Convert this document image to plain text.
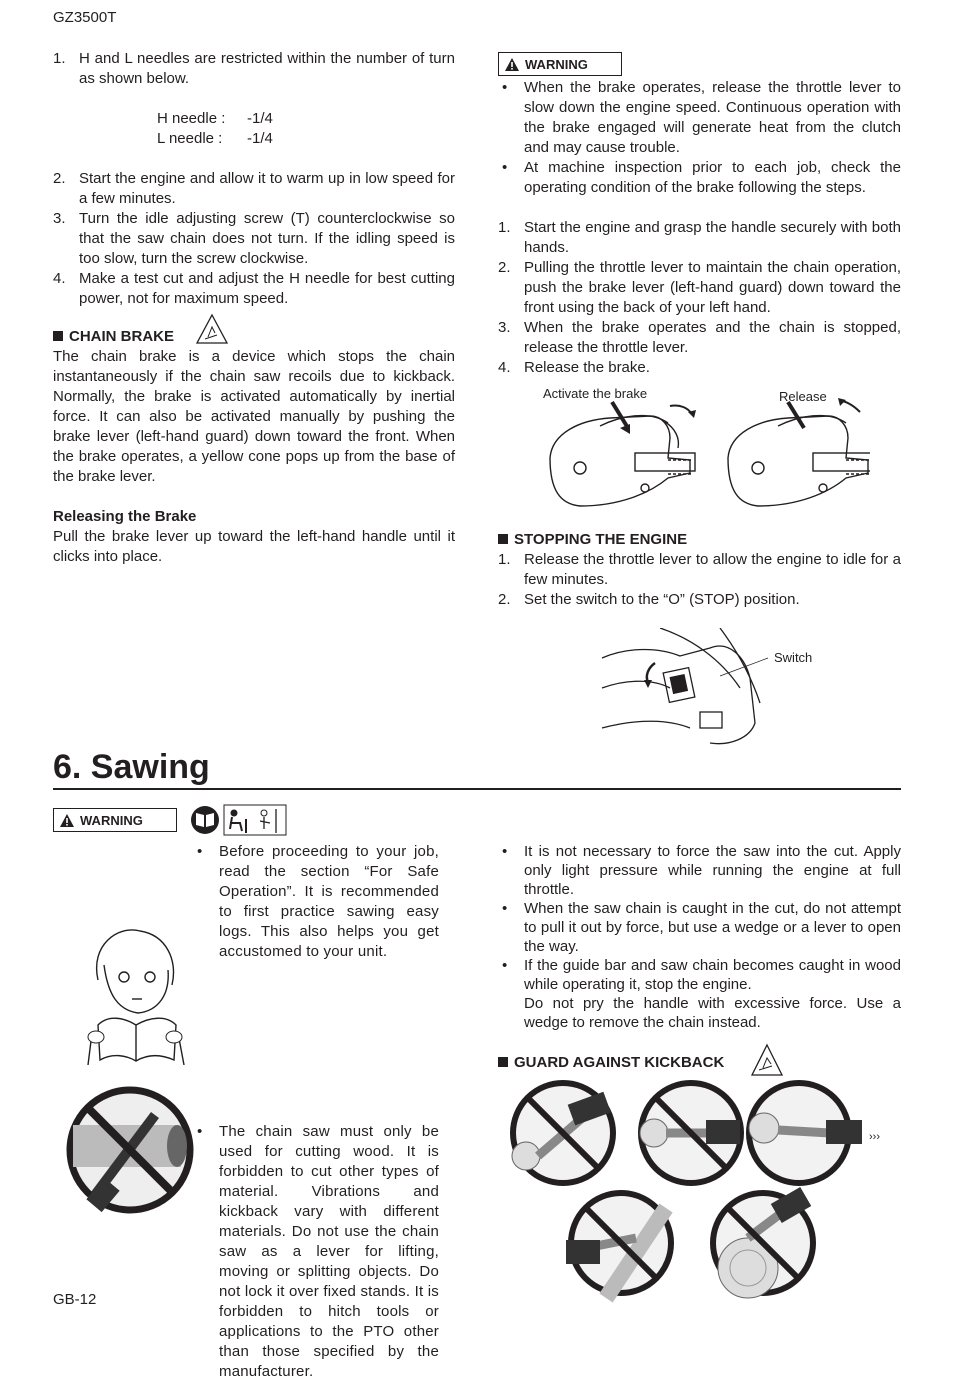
GZ3500T
1. H and L needles are restricted within the number of turn as shown below.
H needle : -1/4
L needle : -1/4
2. Start the engine and allow it to warm up in low speed for a few minutes.
3. Turn the idle adjusting screw (T) counterclockwise so that the saw chain does not turn. If the idling speed is too slow, turn the screw clockwise.
4. Make a test cut and adjust the H needle for best cutting power, not for maximum speed.
CHAIN BRAKE
The chain brake is a device which stops the chain instantaneously if the chain saw recoils due to kickback. Normally, the brake is activated automatically by inertial force. It can also be activated manually by pushing the brake lever (left-hand guard) down toward the front. When the brake operates, a yellow cone pops up from the base of the brake lever.
Releasing the Brake
Pull the brake lever up toward the left-hand handle until it clicks into place.
WARNING
• When the brake operates, release the throttle lever to slow down the engine speed. Continuous operation with the brake engaged will generate heat from the clutch and may cause trouble.
• At machine inspection prior to each job, check the operating condition of the brake following the steps.
1. Start the engine and grasp the handle securely with both hands.
2. Pulling the throttle lever to maintain the chain operation, push the brake lever (left-hand guard) down toward the front using the back of your left hand.
3. When the brake operates and the chain is stopped, release the throttle lever.
4. Release the brake.
Activate the brake	Release
STOPPING THE ENGINE
1. Release the throttle lever to allow the engine to idle for a few minutes.
2. Set the switch to the “O” (STOP) position.
Switch
6. Sawing
WARNING
• Before proceeding to your job, read the section “For Safe Operation”. It is recommended to first practice sawing easy logs. This also helps you get accustomed to your unit.
• The chain saw must only be used for cutting wood. It is forbidden to cut other types of material. Vibrations and kickback vary with different materials. Do not use the chain saw as a lever for lifting, moving or splitting objects. Do not lock it over fixed stands. It is forbidden to hitch tools or applications to the PTO other than those specified by the manufacturer.
• It is not necessary to force the saw into the cut. Apply only light pressure while running the engine at full throttle.
• When the saw chain is caught in the cut, do not attempt to pull it out by force, but use a wedge or a lever to open the way.
• If the guide bar and saw chain becomes caught in wood while operating it, stop the engine.
Do not pry the handle with excessive force. Use a wedge to remove the chain instead.
GUARD AGAINST KICKBACK
›››
GB-12
